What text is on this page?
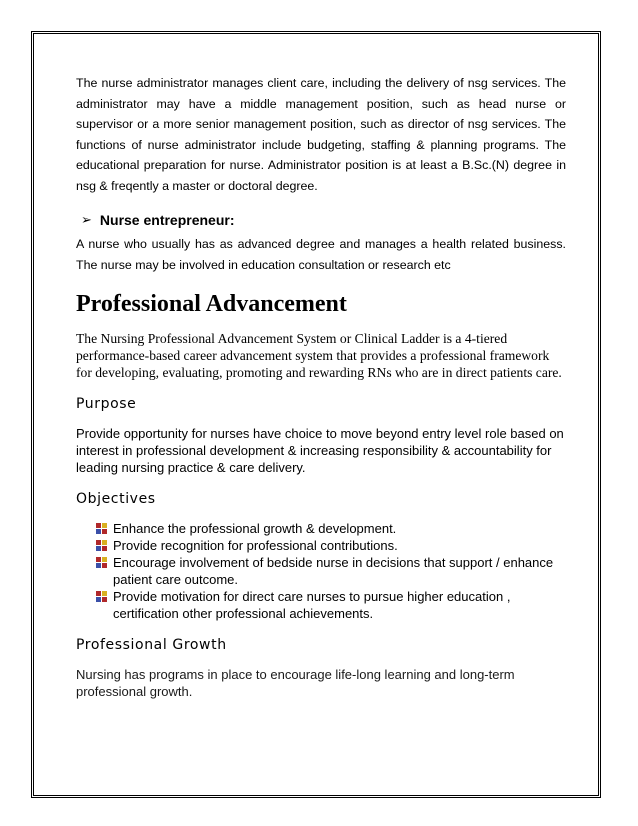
The nurse administrator manages client care, including the delivery of nsg services. The administrator may have a middle management position, such as head nurse or supervisor or a more senior management position, such as director of nsg services. The functions of nurse administrator include budgeting, staffing & planning programs. The educational preparation for nurse. Administrator position is at least a B.Sc.(N) degree in nsg & freqently a master or doctoral degree.

➢ Nurse entrepreneur:

A nurse who usually has as advanced degree and manages a health related business. The nurse may be involved in education consultation or research etc

Professional Advancement

The Nursing Professional Advancement System or Clinical Ladder is a 4-tiered performance-based career advancement system that provides a professional framework for developing, evaluating, promoting and rewarding RNs who are in direct patients care.

Purpose

Provide opportunity for nurses have choice to move beyond entry level role based on interest in professional development & increasing responsibility & accountability for leading nursing practice & care delivery.

Objectives
Enhance the professional growth & development.
Provide recognition for professional contributions.
Encourage involvement of bedside nurse in decisions that support / enhance patient care outcome.
Provide motivation for direct care nurses to pursue higher education , certification other professional achievements.
Professional Growth

Nursing has programs in place to encourage life-long learning and long-term professional growth.
